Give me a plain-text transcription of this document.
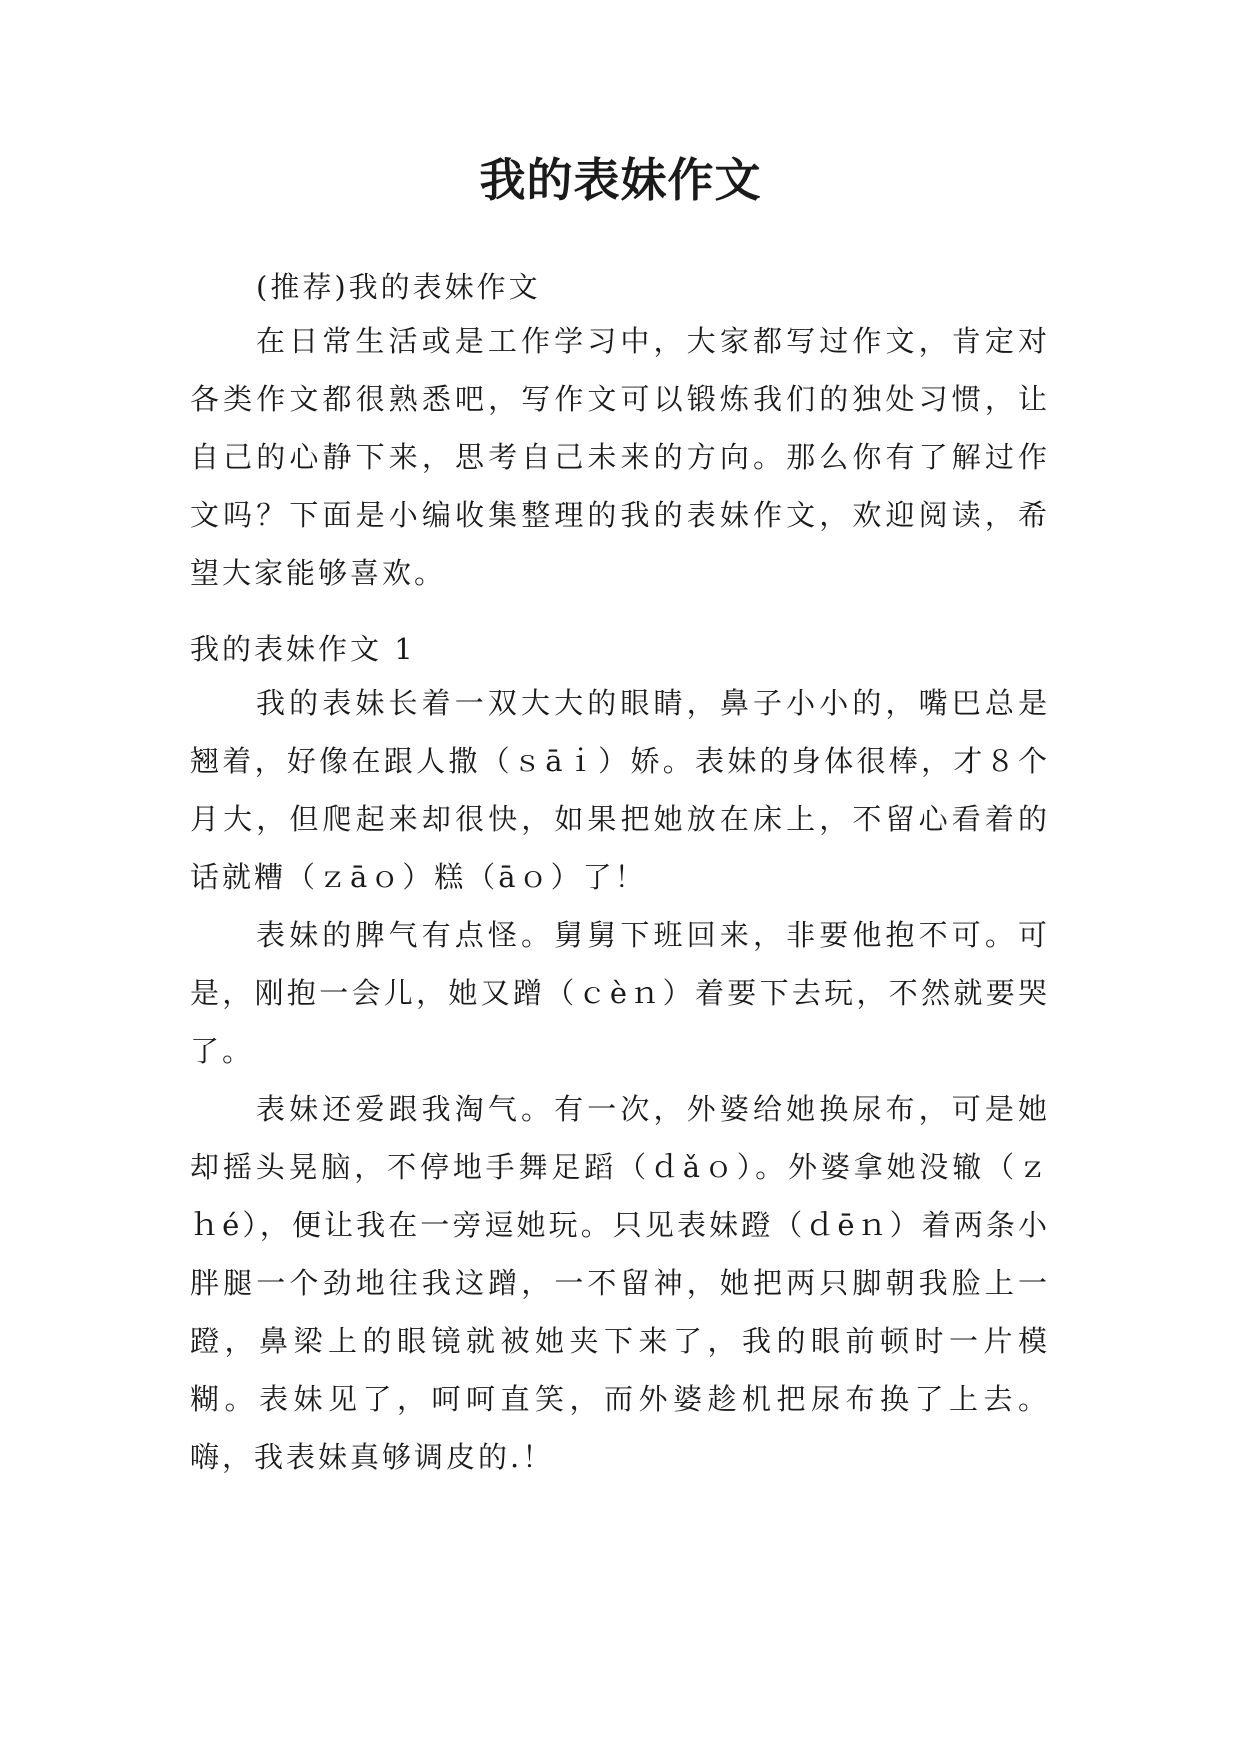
我的表妹作文

(推荐)我的表妹作文

在日常生活或是工作学习中，大家都写过作文，肯定对各类作文都很熟悉吧，写作文可以锻炼我们的独处习惯，让自己的心静下来，思考自己未来的方向。那么你有了解过作文吗？下面是小编收集整理的我的表妹作文，欢迎阅读，希望大家能够喜欢。

我的表妹作文 1

我的表妹长着一双大大的眼睛，鼻子小小的，嘴巴总是翘着，好像在跟人撒（ｓāｉ）娇。表妹的身体很棒，才８个月大，但爬起来却很快，如果把她放在床上，不留心看着的话就糟（ｚāｏ）糕（āｏ）了！

表妹的脾气有点怪。舅舅下班回来，非要他抱不可。可是，刚抱一会儿，她又蹭（ｃèｎ）着要下去玩，不然就要哭了。

表妹还爱跟我淘气。有一次，外婆给她换尿布，可是她却摇头晃脑，不停地手舞足蹈（ｄǎｏ）。外婆拿她没辙（ｚｈé），便让我在一旁逗她玩。只见表妹蹬（ｄēｎ）着两条小胖腿一个劲地往我这蹭，一不留神，她把两只脚朝我脸上一蹬，鼻梁上的眼镜就被她夹下来了，我的眼前顿时一片模糊。表妹见了，呵呵直笑，而外婆趁机把尿布换了上去。嗨，我表妹真够调皮的.！
